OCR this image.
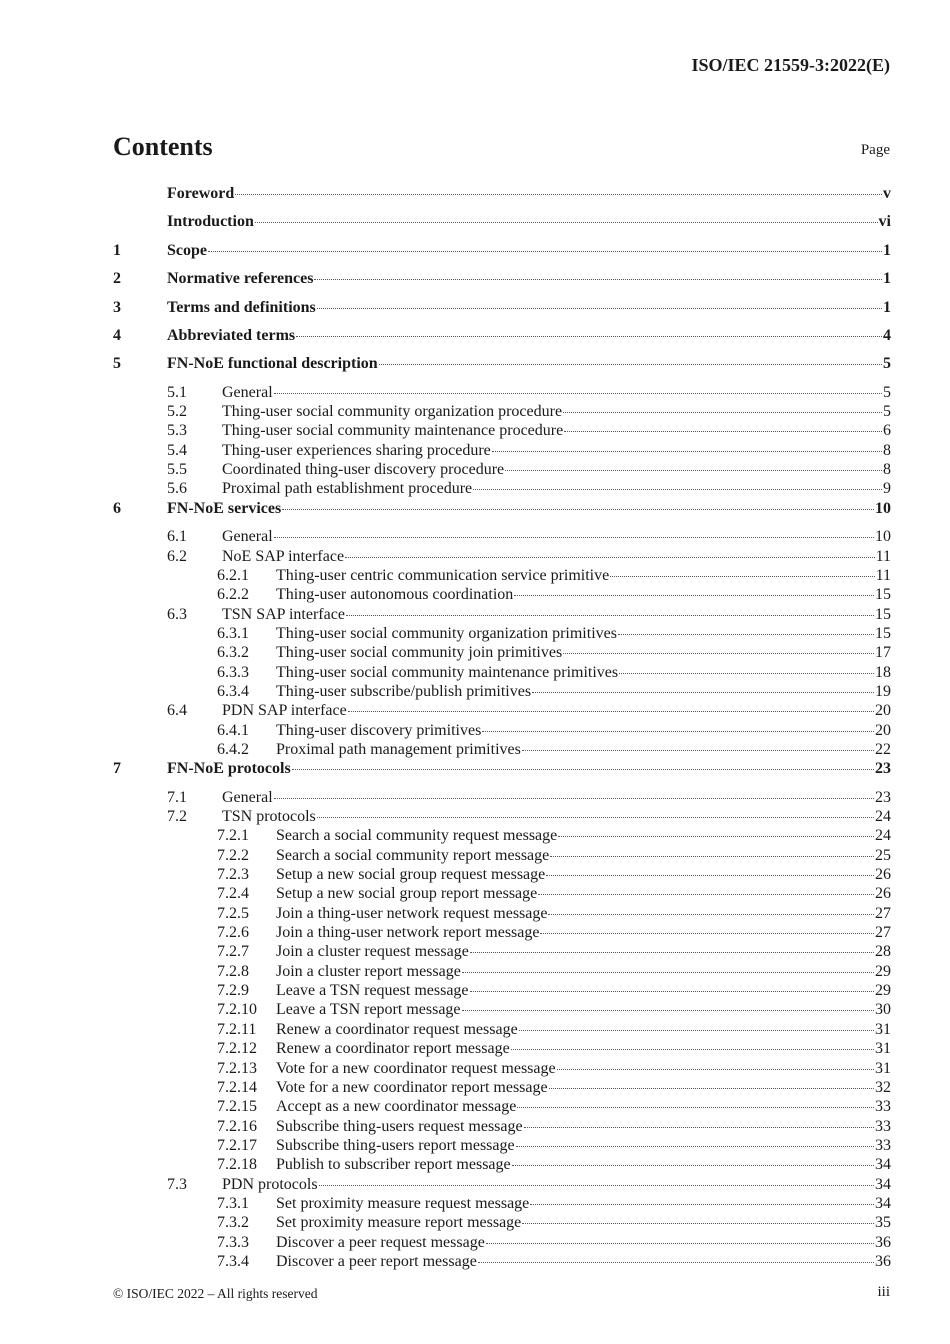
ISO/IEC 21559-3:2022(E)
Contents	Page
Foreword	v
Introduction	vi
1	Scope	1
2	Normative references	1
3	Terms and definitions	1
4	Abbreviated terms	4
5	FN-NoE functional description	5
5.1	General	5
5.2	Thing-user social community organization procedure	5
5.3	Thing-user social community maintenance procedure	6
5.4	Thing-user experiences sharing procedure	8
5.5	Coordinated thing-user discovery procedure	8
5.6	Proximal path establishment procedure	9
6	FN-NoE services	10
6.1	General	10
6.2	NoE SAP interface	11
6.2.1	Thing-user centric communication service primitive	11
6.2.2	Thing-user autonomous coordination	15
6.3	TSN SAP interface	15
6.3.1	Thing-user social community organization primitives	15
6.3.2	Thing-user social community join primitives	17
6.3.3	Thing-user social community maintenance primitives	18
6.3.4	Thing-user subscribe/publish primitives	19
6.4	PDN SAP interface	20
6.4.1	Thing-user discovery primitives	20
6.4.2	Proximal path management primitives	22
7	FN-NoE protocols	23
7.1	General	23
7.2	TSN protocols	24
7.2.1	Search a social community request message	24
7.2.2	Search a social community report message	25
7.2.3	Setup a new social group request message	26
7.2.4	Setup a new social group report message	26
7.2.5	Join a thing-user network request message	27
7.2.6	Join a thing-user network report message	27
7.2.7	Join a cluster request message	28
7.2.8	Join a cluster report message	29
7.2.9	Leave a TSN request message	29
7.2.10	Leave a TSN report message	30
7.2.11	Renew a coordinator request message	31
7.2.12	Renew a coordinator report message	31
7.2.13	Vote for a new coordinator request message	31
7.2.14	Vote for a new coordinator report message	32
7.2.15	Accept as a new coordinator message	33
7.2.16	Subscribe thing-users request message	33
7.2.17	Subscribe thing-users report message	33
7.2.18	Publish to subscriber report message	34
7.3	PDN protocols	34
7.3.1	Set proximity measure request message	34
7.3.2	Set proximity measure report message	35
7.3.3	Discover a peer request message	36
7.3.4	Discover a peer report message	36
© ISO/IEC 2022 – All rights reserved	iii
